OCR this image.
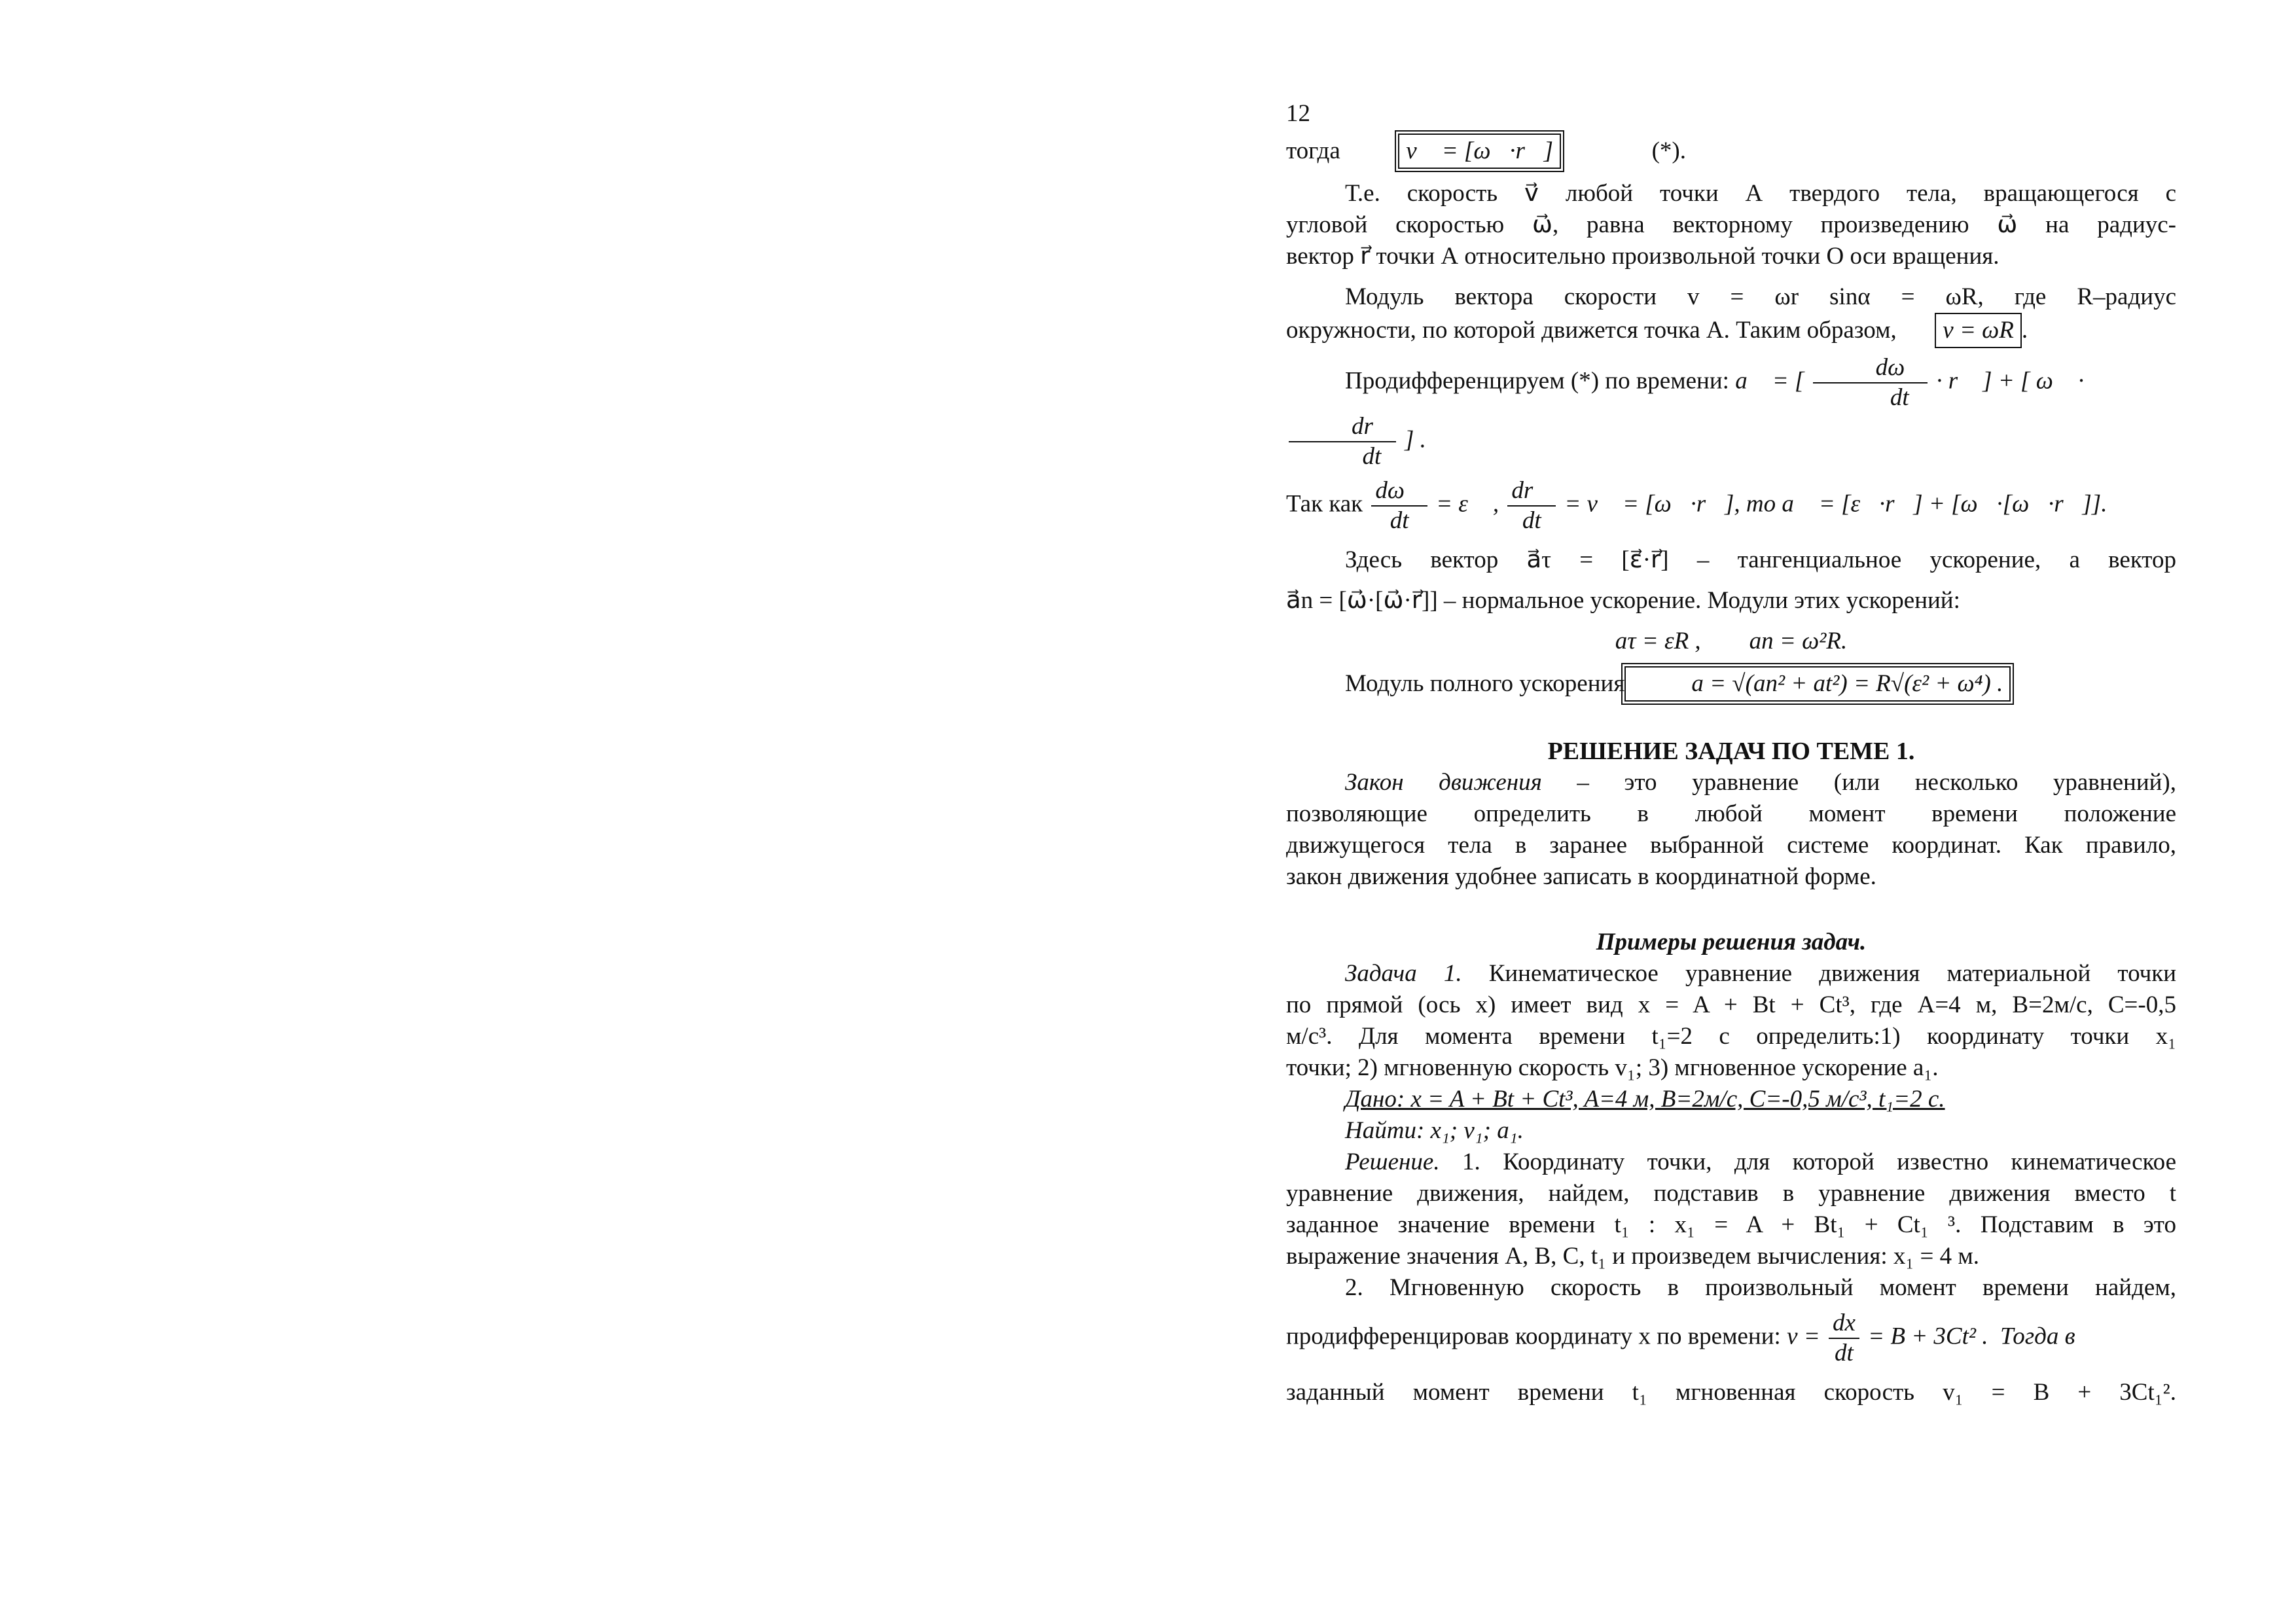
12

тогда	v⃗ = [ω⃗·r⃗]	(*).

Т.е. скорость v⃗ любой точки А твердого тела, вращающегося с

угловой скоростью ω⃗, равна векторному произведению ω⃗ на радиус-

вектор r⃗ точки А относительно произвольной точки О оси вращения.

Модуль вектора скорости v = ωr sinα = ωR, где R–радиус

окружности, по которой движется точка А. Таким образом, v = ωR .

Продифференцируем (*) по времени: a⃗ = [ $\frac{d\omega⃗}{dt}$ · r⃗ ] + [ ω⃗ ·
$\frac{dr⃗}{dt}$ ] .

Так как $\frac{d\omega⃗}{dt}$ = ε⃗ , $\frac{dr⃗}{dt}$ = v⃗ = [ω⃗·r⃗], то a⃗ = [ε⃗·r⃗] + [ω⃗·[ω⃗·r⃗]].

Здесь вектор a⃗τ = [ε⃗·r⃗] – тангенциальное ускорение, а вектор

a⃗n = [ω⃗·[ω⃗·r⃗]] – нормальное ускорение. Модули этих ускорений:

aτ = εR ,        an = ω²R.

Модуль полного ускорения	a = √(an² + at²) = R√(ε² + ω⁴) .

РЕШЕНИЕ ЗАДАЧ ПО ТЕМЕ 1.

Закон движения – это уравнение (или несколько уравнений),

позволяющие определить в любой момент времени положение

движущегося тела в заранее выбранной системе координат. Как правило,

закон движения удобнее записать в координатной форме.

Примеры решения задач.

Задача 1. Кинематическое уравнение движения материальной точки

по прямой (ось x) имеет вид x = A + Bt + Ct³, где A=4 м, B=2м/с, C=-0,5

м/с³. Для момента времени t₁=2 с определить:1) координату точки x₁

точки; 2) мгновенную скорость v₁; 3) мгновенное ускорение a₁.

Дано: x = A + Bt + Ct³, A=4 м, B=2м/с, C=-0,5 м/с³, t₁=2 с.

Найти: x₁; v₁; a₁.

Решение. 1. Координату точки, для которой известно кинематическое

уравнение движения, найдем, подставив в уравнение движения вместо t

заданное значение времени t₁ : x₁ = A + Bt₁ + Ct₁ ³. Подставим в это

выражение значения А, В, С, t₁ и произведем вычисления: x₁ = 4 м.

2. Мгновенную скорость в произвольный момент времени найдем,

продифференцировав координату x по времени: $v = \frac{dx}{dt} = B + 3Ct^2$ .  Тогда в

заданный момент времени t₁ мгновенная скорость v₁ = B + 3Ct₁².
